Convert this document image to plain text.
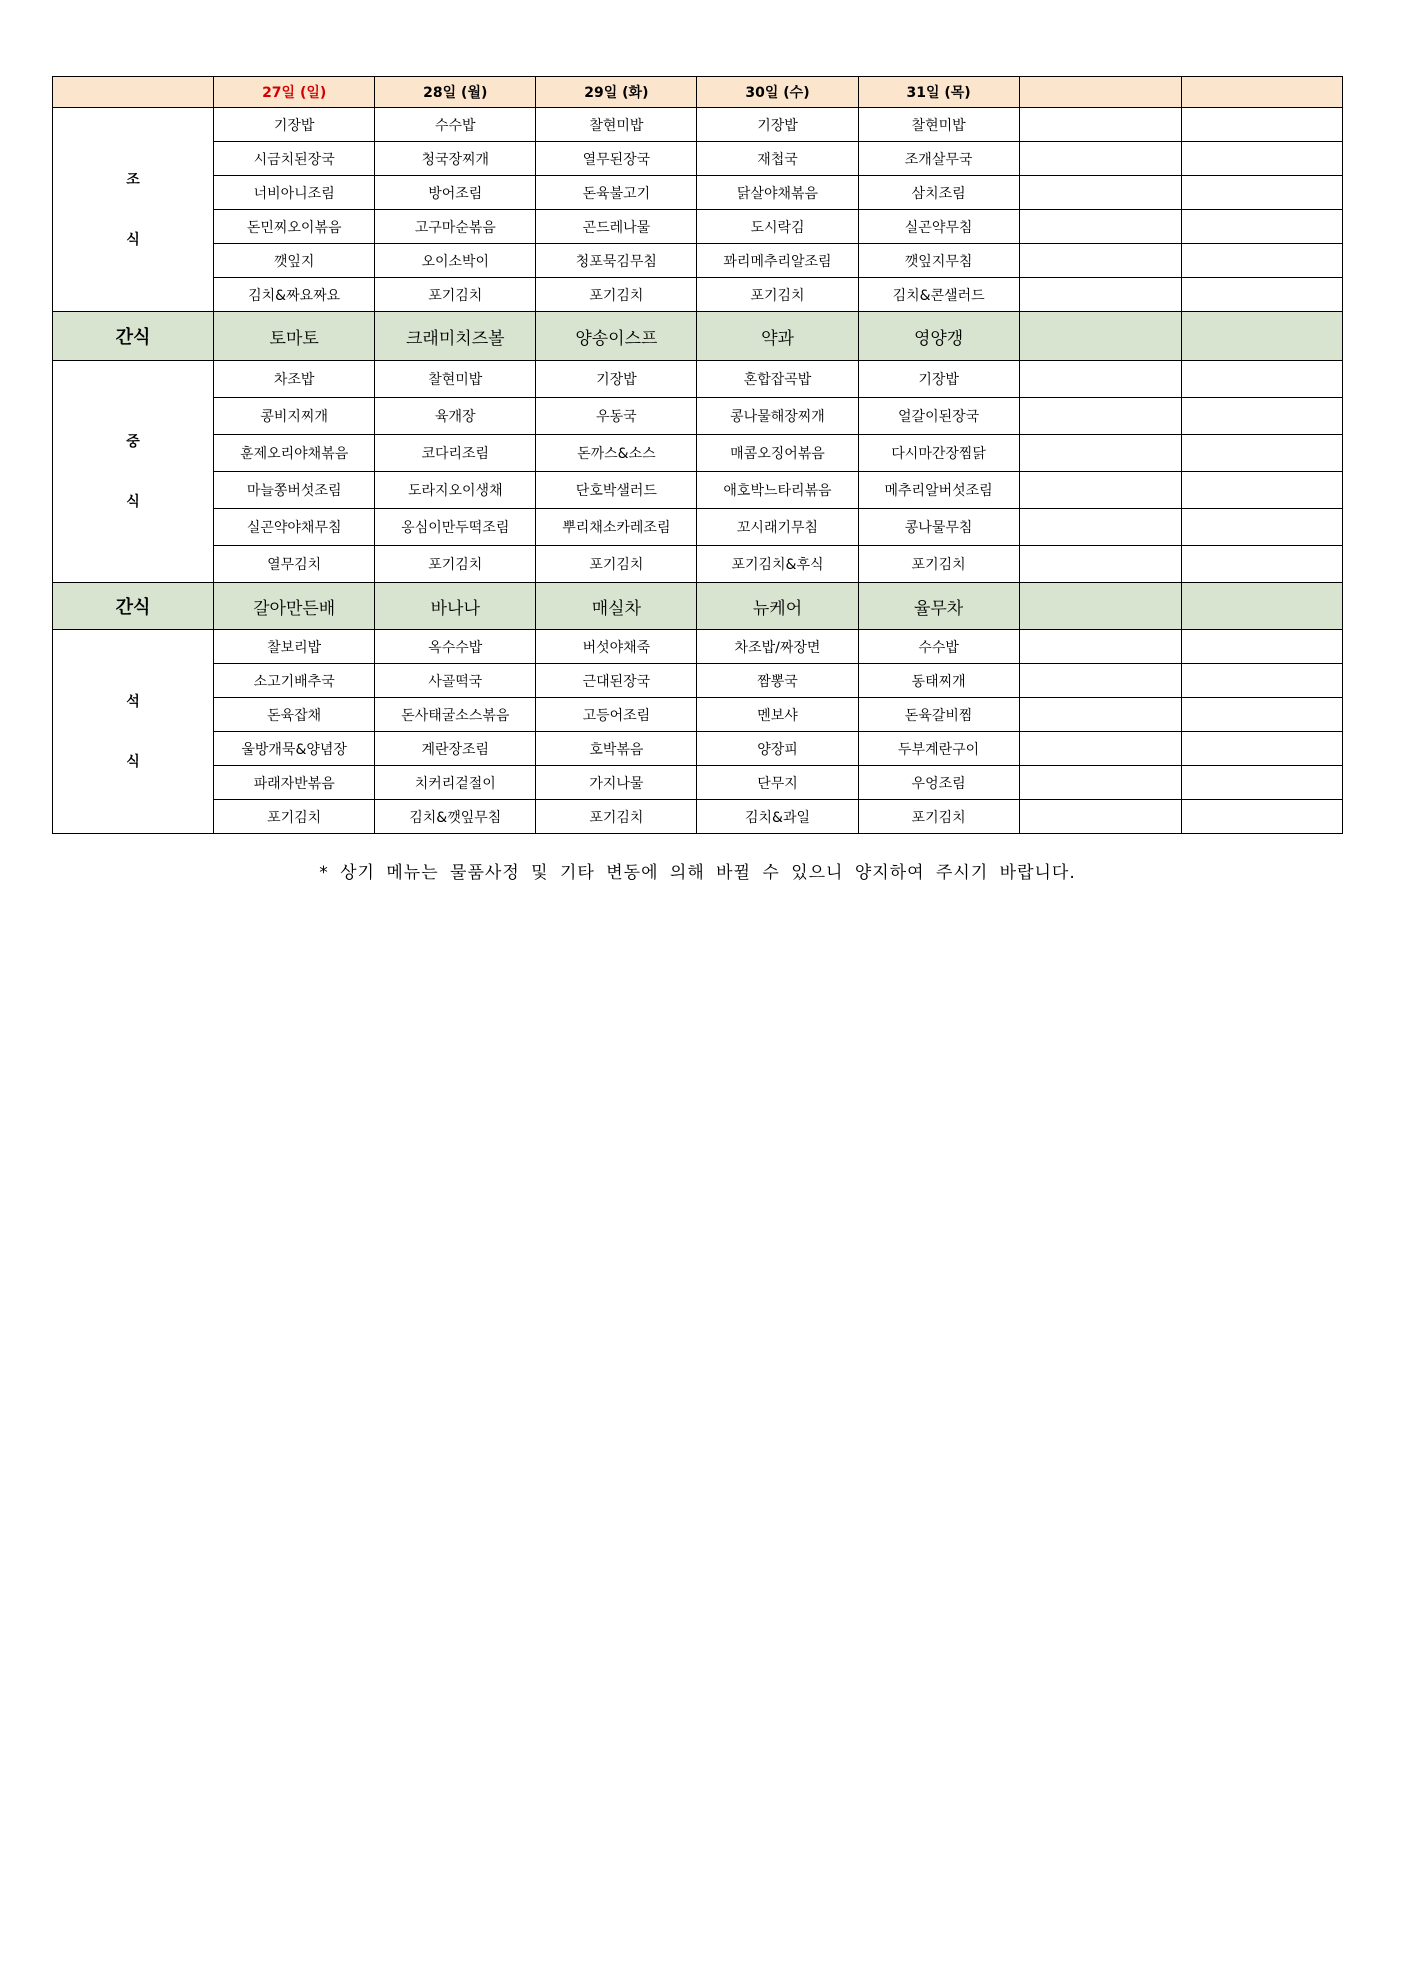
	27일 (일)	28일 (월)	29일 (화)	30일 (수)	31일 (목)		

조
식	기장밥	수수밥	찰현미밥	기장밥	찰현미밥		
	시금치된장국	청국장찌개	열무된장국	재첩국	조개살무국		
	너비아니조림	방어조림	돈육불고기	닭살야채볶음	삼치조림		
	돈민찌오이볶음	고구마순볶음	곤드레나물	도시락김	실곤약무침		
	깻잎지	오이소박이	청포묵김무침	꽈리메추리알조림	깻잎지무침		
	김치&짜요짜요	포기김치	포기김치	포기김치	김치&콘샐러드		
간식	토마토	크래미치즈볼	양송이스프	약과	영양갱		

중
식	차조밥	찰현미밥	기장밥	혼합잡곡밥	기장밥		
	콩비지찌개	육개장	우동국	콩나물해장찌개	얼갈이된장국		
	훈제오리야채볶음	코다리조림	돈까스&소스	매콤오징어볶음	다시마간장찜닭		
	마늘쫑버섯조림	도라지오이생채	단호박샐러드	애호박느타리볶음	메추리알버섯조림		
	실곤약야채무침	옹심이만두떡조림	뿌리채소카레조림	꼬시래기무침	콩나물무침		
	열무김치	포기김치	포기김치	포기김치&후식	포기김치		
간식	갈아만든배	바나나	매실차	뉴케어	율무차		

석
식	찰보리밥	옥수수밥	버섯야채죽	차조밥/짜장면	수수밥		
	소고기배추국	사골떡국	근대된장국	짬뽕국	동태찌개		
	돈육잡채	돈사태굴소스볶음	고등어조림	멘보샤	돈육갈비찜		
	울방개묵&양념장	계란장조림	호박볶음	양장피	두부계란구이		
	파래자반볶음	치커리겉절이	가지나물	단무지	우엉조림		
	포기김치	김치&깻잎무침	포기김치	김치&과일	포기김치		
* 상기 메뉴는 물품사정 및 기타 변동에 의해 바뀔 수 있으니 양지하여 주시기 바랍니다.
